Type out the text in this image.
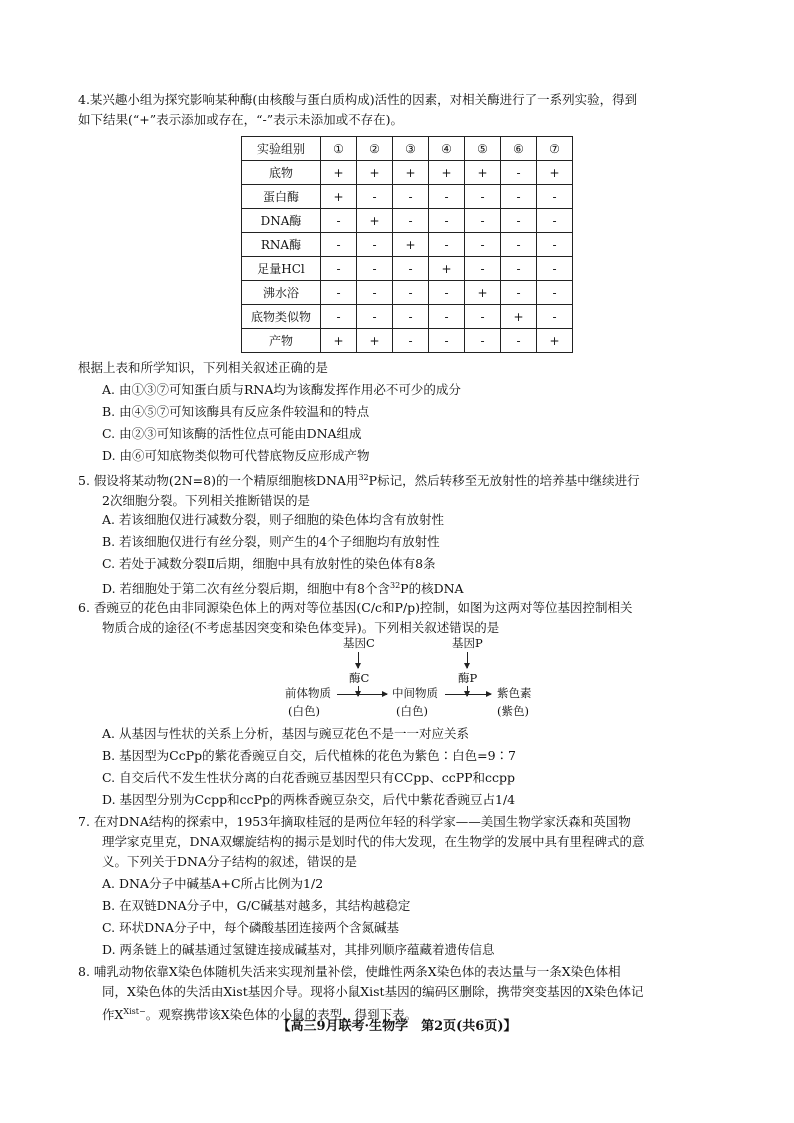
4.某兴趣小组为探究影响某种酶(由核酸与蛋白质构成)活性的因素，对相关酶进行了一系列实验，得到
如下结果(“+”表示添加或存在，“-”表示未添加或不存在)。
实验组别	①	②	③	④	⑤	⑥	⑦
底物	+	+	+	+	+	-	+
蛋白酶	+	-	-	-	-	-	-
DNA酶	-	+	-	-	-	-	-
RNA酶	-	-	+	-	-	-	-
足量HCl	-	-	-	+	-	-	-
沸水浴	-	-	-	-	+	-	-
底物类似物	-	-	-	-	-	+	-
产物	+	+	-	-	-	-	+
根据上表和所学知识，下列相关叙述正确的是
A. 由①③⑦可知蛋白质与RNA均为该酶发挥作用必不可少的成分
B. 由④⑤⑦可知该酶具有反应条件较温和的特点
C. 由②③可知该酶的活性位点可能由DNA组成
D. 由⑥可知底物类似物可代替底物反应形成产物
5. 假设将某动物(2N=8)的一个精原细胞核DNA用$^{32}$P标记，然后转移至无放射性的培养基中继续进行
2次细胞分裂。下列相关推断错误的是
A. 若该细胞仅进行减数分裂，则子细胞的染色体均含有放射性
B. 若该细胞仅进行有丝分裂，则产生的4个子细胞均有放射性
C. 若处于减数分裂Ⅱ后期，细胞中具有放射性的染色体有8条
D. 若细胞处于第二次有丝分裂后期，细胞中有8个含$^{32}$P的核DNA
6. 香豌豆的花色由非同源染色体上的两对等位基因(C/c和P/p)控制，如图为这两对等位基因控制相关
物质合成的途径(不考虑基因突变和染色体变异)。下列相关叙述错误的是
基因C	基因P
酶C	酶P
前体物质	中间物质	紫色素
(白色)	(白色)	(紫色)
A. 从基因与性状的关系上分析，基因与豌豆花色不是一一对应关系
B. 基因型为CcPp的紫花香豌豆自交，后代植株的花色为紫色∶白色=9∶7
C. 自交后代不发生性状分离的白花香豌豆基因型只有CCpp、ccPP和ccpp
D. 基因型分别为Ccpp和ccPp的两株香豌豆杂交，后代中紫花香豌豆占1/4
7. 在对DNA结构的探索中，1953年摘取桂冠的是两位年轻的科学家——美国生物学家沃森和英国物
理学家克里克，DNA双螺旋结构的揭示是划时代的伟大发现，在生物学的发展中具有里程碑式的意
义。下列关于DNA分子结构的叙述，错误的是
A. DNA分子中碱基A+C所占比例为1/2
B. 在双链DNA分子中，G/C碱基对越多，其结构越稳定
C. 环状DNA分子中，每个磷酸基团连接两个含氮碱基
D. 两条链上的碱基通过氢键连接成碱基对，其排列顺序蕴藏着遗传信息
8. 哺乳动物依靠X染色体随机失活来实现剂量补偿，使雌性两条X染色体的表达量与一条X染色体相
同，X染色体的失活由Xist基因介导。现将小鼠Xist基因的编码区删除，携带突变基因的X染色体记
作$X^{Xist-}$。观察携带该X染色体的小鼠的表型，得到下表。
【高三9月联考·生物学　第2页(共6页)】
